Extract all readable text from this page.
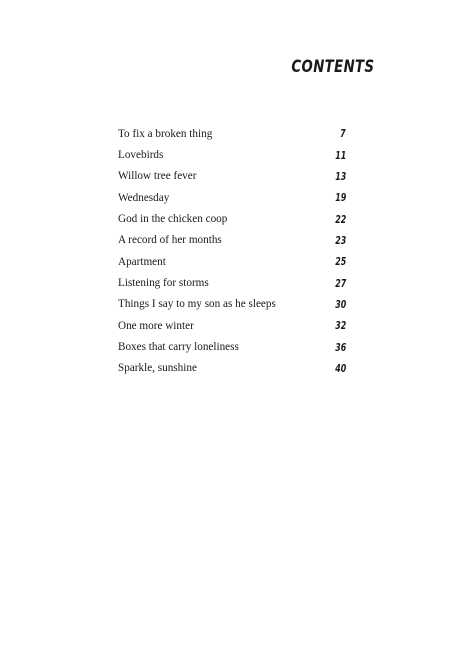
CONTENTS
To fix a broken thing	7
Lovebirds	11
Willow tree fever	13
Wednesday	19
God in the chicken coop	22
A record of her months	23
Apartment	25
Listening for storms	27
Things I say to my son as he sleeps	30
One more winter	32
Boxes that carry loneliness	36
Sparkle, sunshine	40
